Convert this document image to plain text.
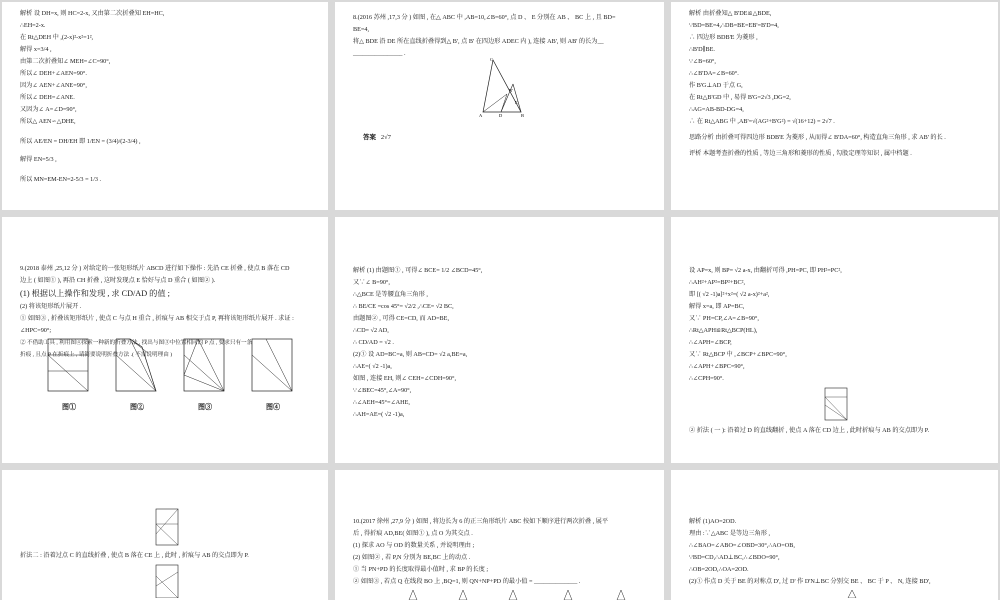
解析 设 DH=x, 则 HC=2-x, 又由第二次折叠知 EH=HC,
∴EH=2-x.
在 Rt△DEH 中 ,(2-x)²-x²=1²,
解得 x=3/4 ,
由第二次折叠知∠ MEH=∠C=90°,
所以∠ DEH+∠AEN=90°.
因为∠ AEN+∠ANE=90°,
所以∠ DEH=∠ANE.
又因为∠ A=∠D=90°,
所以△ AEN∽△DHE,
所以 AE/EN = DH/EH 即 1/EN = (3/4)/(2-3/4) ,
解得 EN=5/3 ,
所以 MN=EM-EN=2-5/3 = 1/3 .
8.(2016 苏州 ,17,3 分 ) 如图 , 在△ ABC 中 ,AB=10,∠B=60°, 点 D 、 E 分别在 AB 、 BC 上 , 且 BD=
BE=4,
将△ BDE 沿 DE 所在直线折叠得到△ B', 点 B' 在四边形 ADEC 内 ), 连接 AB', 则 AB' 的长为__
________________ .
C
B'
A	D	B
E
答案 2√7
解析 由折叠知△ B'DE≌△BDE,
∵BD=BE=4,∴DB=BE=EB'=B'D=4,
∴ 四边形 BDB'E 为菱形 ,
∴B'D∥BE.
∵∠B=60°,
∴∠B'DA=∠B=60°.
作 B'G⊥AD 于点 G,
在 Rt△B'GD 中 , 易得 B'G=2√3 ,DG=2,
∴AG=AB-BD-DG=4,
∴ 在 Rt△ABG 中 ,AB'=√(AG²+B'G²) = √(16+12) = 2√7 .
思路分析 由折叠可得四边形 BDB'E 为菱形 , 从而得∠ B'DA=60°, 构造直角三角形 , 求 AB' 的长 .
评析 本题考查折叠的性质 , 等边三角形和菱形的性质 , 勾股定理等知识 , 属中档题 .
9.(2018 泰州 ,25,12 分 ) 对给定的一张矩形纸片 ABCD 进行如下操作 : 先沿 CE 折叠 , 使点 B 落在 CD
边上 ( 如图① ), 再沿 CH 折叠 , 这时发现点 E 恰好与点 D 重合 ( 如图② ).
(1) 根据以上操作和发现 , 求 CD/AD 的值 ;
(2) 将该矩形纸片展开 .
① 如图③ , 折叠该矩形纸片 , 使点 C 与点 H 重合 , 折痕与 AB 相交于点 P, 再将该矩形纸片展开 . 求证 :
∠HPC=90°;
② 不借助工具 , 利用图④探索一种新的折叠方法 , 找出与图③中位置相同的 P 点 , 要求只有一条
折痕 , 且点 P 在折痕上 , 请简要说明折叠方法 .( 不需说明理由 )
图①	图②	图③	图④
解析 (1) 由题图① , 可得∠ BCE= 1/2 ∠BCD=45°,
又∵∠ B=90°,
∴△BCE 是等腰直角三角形 ,
∴ BE/CE =cos 45°= √2/2 ,∴CE= √2 BC,
由题图② , 可得 CE=CD, 而 AD=BE,
∴CD= √2 AD,
∴ CD/AD = √2 .
(2)① 设 AD=BC=a, 则 AB=CD= √2 a,BE=a,
∴AE=( √2 -1)a,
如图 , 连接 EH, 则∠ CEH=∠CDH=90°,
∵∠BEC=45°,∠A=90°,
∴∠AEH=45°=∠AHE,
∴AH=AE=( √2 -1)a,
设 AP=x, 则 BP= √2 a-x, 由翻折可得 ,PH=PC, 即 PH²=PC²,
∴AH²+AP²=BP²+BC²,
即 [( √2 -1)a]²+x²=( √2 a-x)²+a²,
解得 x=a, 即 AP=BC,
又∵ PH=CP,∠A=∠B=90°,
∴Rt△APH≌Rt△BCP(HL),
∴∠APH=∠BCP,
又∵ Rt△BCP 中 ,∠BCP+∠BPC=90°,
∴∠APH+∠BPC=90°,
∴∠CPH=90°.
② 折法 ( 一 ): 沿着过 D 的直线翻折 , 使点 A 落在 CD 边上 , 此时折痕与 AB 的交点即为 P.
折法二 : 沿着过点 C 的直线折叠 , 使点 B 落在 CE 上 , 此时 , 折痕与 AB 的交点即为 P.
10.(2017 徐州 ,27,9 分 ) 如图 , 将边长为 6 的正三角形纸片 ABC 按如下顺序进行两次折叠 , 展平
后 , 得折痕 AD,BE( 如图① ), 点 O 为其交点 .
(1) 探求 AO 与 OD 的数量关系 , 并说明理由 ;
(2) 如图② , 若 P,N 分别为 BE,BC 上的动点 .
① 当 PN+PD 的长度取得最小值时 , 求 BP 的长度 ;
② 如图③ , 若点 Q 在线段 BO 上 ,BQ=1, 则 QN+NP+PD 的最小值 = ______________ .
解析 (1)AO=2OD.
理由 :∵△ABC 是等边三角形 ,
∴∠BAO=∠ABO=∠OBD=30°,∴AO=OB,
∵BD=CD,∴AD⊥BC,∴∠BDO=90°,
∴OB=2OD,∴OA=2OD.
(2)① 作点 D 关于 BE 的对称点 D', 过 D' 作 D'N⊥BC 分别交 BE 、 BC 于 P 、 N, 连接 BD',
